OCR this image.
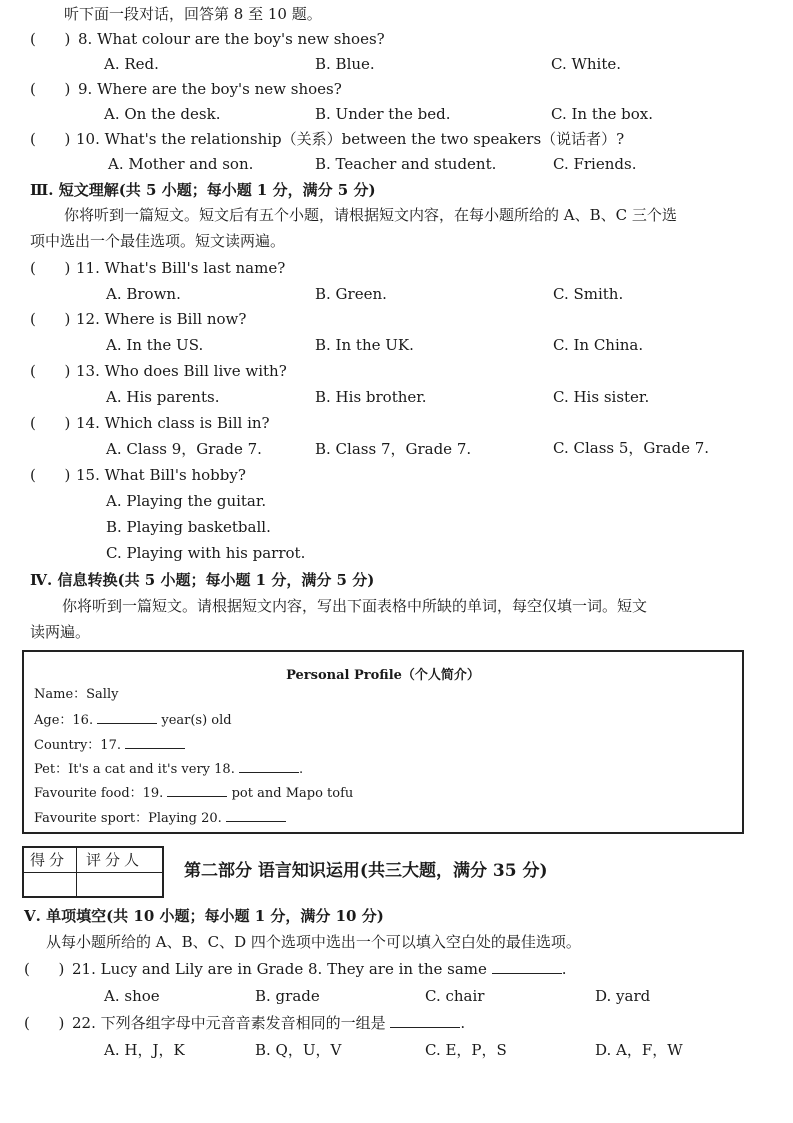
听下面一段对话，回答第 8 至 10 题。
(      ) 8. What colour are the boy's new shoes?
A. Red.	B. Blue.	C. White.
(      ) 9. Where are the boy's new shoes?
A. On the desk.	B. Under the bed.	C. In the box.
(      ) 10. What's the relationship（关系）between the two speakers（说话者）?
A. Mother and son.	B. Teacher and student.	C. Friends.
Ⅲ. 短文理解(共 5 小题；每小题 1 分，满分 5 分)
你将听到一篇短文。短文后有五个小题，请根据短文内容，在每小题所给的 A、B、C 三个选
项中选出一个最佳选项。短文读两遍。
(      ) 11. What's Bill's last name?
A. Brown.	B. Green.	C. Smith.
(      ) 12. Where is Bill now?
A. In the US.	B. In the UK.	C. In China.
(      ) 13. Who does Bill live with?
A. His parents.	B. His brother.	C. His sister.
(      ) 14. Which class is Bill in?
A. Class 9，Grade 7.	B. Class 7，Grade 7.	C. Class 5，Grade 7.
(      ) 15. What Bill's hobby?
A. Playing the guitar.
B. Playing basketball.
C. Playing with his parrot.
Ⅳ. 信息转换(共 5 小题；每小题 1 分，满分 5 分)
你将听到一篇短文。请根据短文内容，写出下面表格中所缺的单词，每空仅填一词。短文
读两遍。
Personal Profile（个人简介）
Name：Sally
Age：16.	year(s) old
Country：17.
Pet：It's a cat and it's very 18.	.
Favourite food：19.	pot and Mapo tofu
Favourite sport：Playing 20.
得分 评分人
第二部分 语言知识运用(共三大题，满分 35 分)
Ⅴ. 单项填空(共 10 小题；每小题 1 分，满分 10 分)
从每小题所给的 A、B、C、D 四个选项中选出一个可以填入空白处的最佳选项。
(      ) 21. Lucy and Lily are in Grade 8. They are in the same	.
A. shoe	B. grade	C. chair	D. yard
(      ) 22. 下列各组字母中元音音素发音相同的一组是	.
A. H，J，K	B. Q，U，V	C. E，P，S	D. A，F，W
